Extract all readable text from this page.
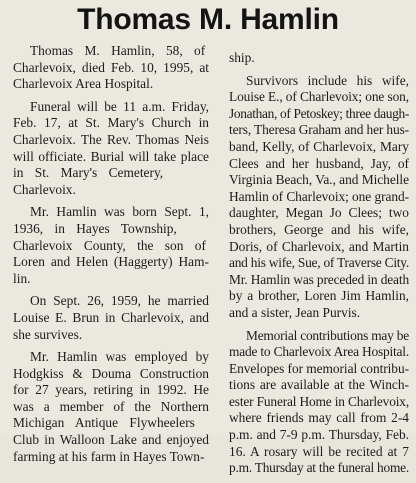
Thomas M. Hamlin

Thomas M. Hamlin, 58, of
Charlevoix, died Feb. 10, 1995, at
Charlevoix Area Hospital.

Funeral will be 11 a.m. Friday,
Feb. 17, at St. Mary's Church in
Charlevoix. The Rev. Thomas Neis
will officiate. Burial will take place
in St. Mary's Cemetery,
Charlevoix.

Mr. Hamlin was born Sept. 1,
1936, in Hayes Township,
Charlevoix County, the son of
Loren and Helen (Haggerty) Ham-
lin.

On Sept. 26, 1959, he married
Louise E. Brun in Charlevoix, and
she survives.

Mr. Hamlin was employed by
Hodgkiss & Douma Construction
for 27 years, retiring in 1992. He
was a member of the Northern
Michigan Antique Flywheelers
Club in Walloon Lake and enjoyed
farming at his farm in Hayes Town-

ship.

Survivors include his wife,
Louise E., of Charlevoix; one son,
Jonathan, of Petoskey; three daugh-
ters, Theresa Graham and her hus-
band, Kelly, of Charlevoix, Mary
Clees and her husband, Jay, of
Virginia Beach, Va., and Michelle
Hamlin of Charlevoix; one grand-
daughter, Megan Jo Clees; two
brothers, George and his wife,
Doris, of Charlevoix, and Martin
and his wife, Sue, of Traverse City.
Mr. Hamlin was preceded in death
by a brother, Loren Jim Hamlin,
and a sister, Jean Purvis.

Memorial contributions may be
made to Charlevoix Area Hospital.
Envelopes for memorial contribu-
tions are available at the Winch-
ester Funeral Home in Charlevoix,
where friends may call from 2-4
p.m. and 7-9 p.m. Thursday, Feb.
16. A rosary will be recited at 7
p.m. Thursday at the funeral home.
